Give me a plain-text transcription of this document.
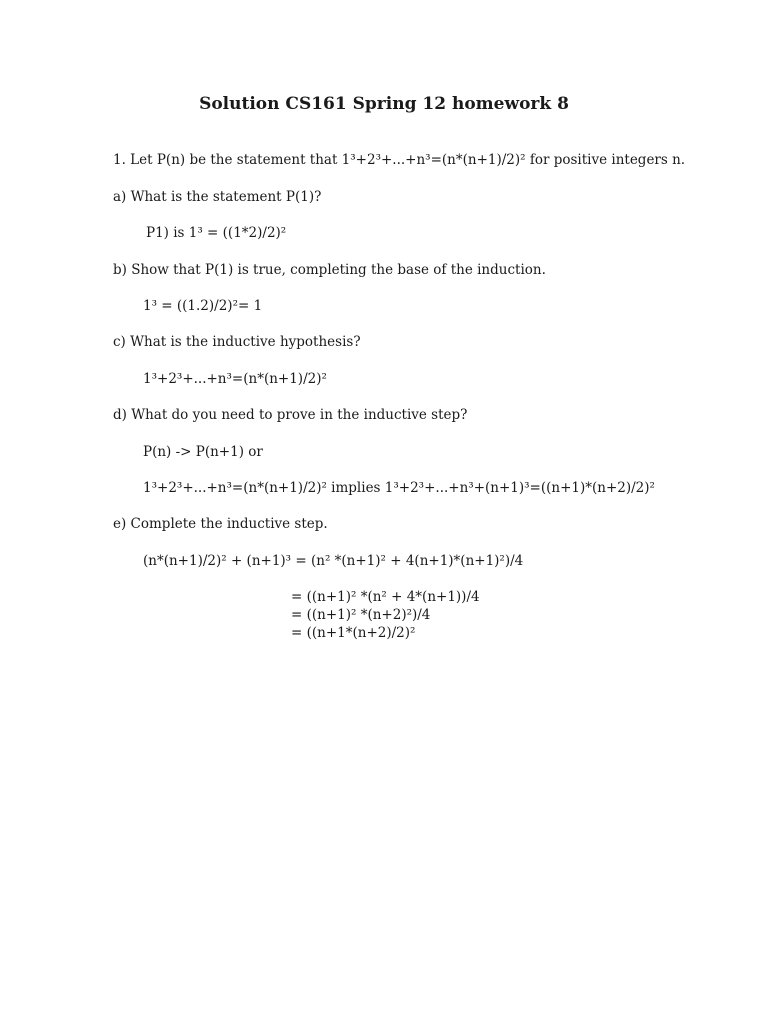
Solution CS161 Spring 12 homework 8
1. Let P(n) be the statement that 1³+2³+...+n³=(n*(n+1)/2)² for positive integers n.
a) What is the statement P(1)?
P1) is 1³ = ((1*2)/2)²
b) Show that P(1) is true, completing the base of the induction.
1³ = ((1.2)/2)²= 1
c) What is the inductive hypothesis?
1³+2³+...+n³=(n*(n+1)/2)²
d) What do you need to prove in the inductive step?
P(n) -> P(n+1) or
1³+2³+...+n³=(n*(n+1)/2)² implies 1³+2³+...+n³+(n+1)³=((n+1)*(n+2)/2)²
e) Complete the inductive step.
(n*(n+1)/2)² + (n+1)³ = (n² *(n+1)² + 4(n+1)*(n+1)²)/4
= ((n+1)² *(n² + 4*(n+1))/4
= ((n+1)² *(n+2)²)/4
= ((n+1*(n+2)/2)²
